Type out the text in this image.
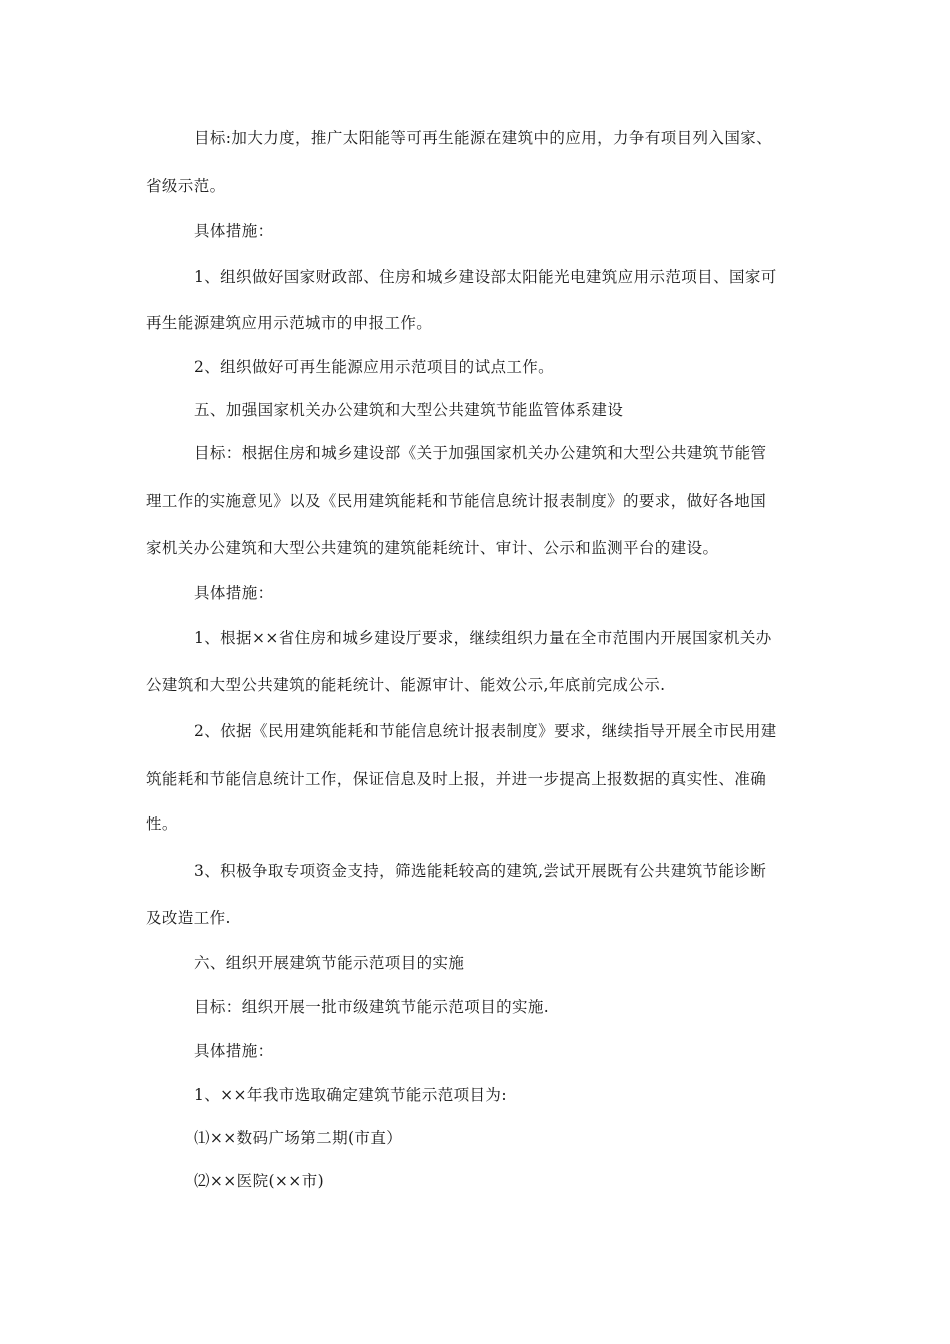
目标:加大力度，推广太阳能等可再生能源在建筑中的应用，力争有项目列入国家、
省级示范。
具体措施：
1、组织做好国家财政部、住房和城乡建设部太阳能光电建筑应用示范项目、国家可
再生能源建筑应用示范城市的申报工作。
2、组织做好可再生能源应用示范项目的试点工作。
五、加强国家机关办公建筑和大型公共建筑节能监管体系建设
目标：根据住房和城乡建设部《关于加强国家机关办公建筑和大型公共建筑节能管
理工作的实施意见》以及《民用建筑能耗和节能信息统计报表制度》的要求，做好各地国
家机关办公建筑和大型公共建筑的建筑能耗统计、审计、公示和监测平台的建设。
具体措施：
1、根据××省住房和城乡建设厅要求，继续组织力量在全市范围内开展国家机关办
公建筑和大型公共建筑的能耗统计、能源审计、能效公示,年底前完成公示.
2、依据《民用建筑能耗和节能信息统计报表制度》要求，继续指导开展全市民用建
筑能耗和节能信息统计工作，保证信息及时上报，并进一步提高上报数据的真实性、准确
性。
3、积极争取专项资金支持，筛选能耗较高的建筑,尝试开展既有公共建筑节能诊断
及改造工作.
六、组织开展建筑节能示范项目的实施
目标：组织开展一批市级建筑节能示范项目的实施.
具体措施：
1、××年我市选取确定建筑节能示范项目为:
⑴××数码广场第二期(市直）
⑵××医院(××市)
